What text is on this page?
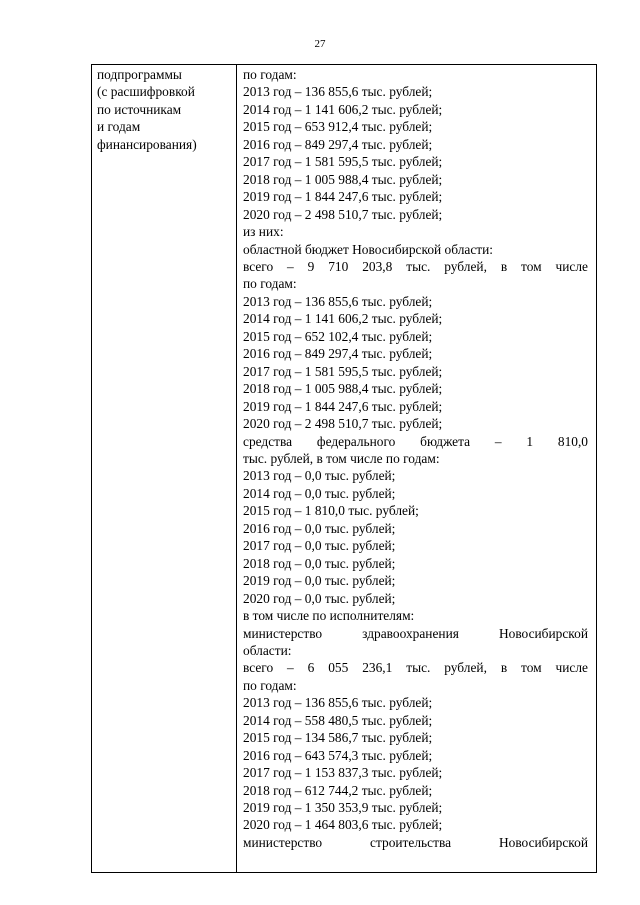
27
подпрограммы
(с расшифровкой
по источникам
и годам
финансирования)
по годам:
2013 год – 136 855,6 тыс. рублей;
2014 год – 1 141 606,2 тыс. рублей;
2015 год – 653 912,4 тыс. рублей;
2016 год – 849 297,4 тыс. рублей;
2017 год – 1 581 595,5 тыс. рублей;
2018 год – 1 005 988,4 тыс. рублей;
2019 год – 1 844 247,6 тыс. рублей;
2020 год – 2 498 510,7 тыс. рублей;
из них:
областной бюджет Новосибирской области:
всего – 9 710 203,8 тыс. рублей, в том числе
по годам:
2013 год – 136 855,6 тыс. рублей;
2014 год – 1 141 606,2 тыс. рублей;
2015 год – 652 102,4 тыс. рублей;
2016 год – 849 297,4 тыс. рублей;
2017 год – 1 581 595,5 тыс. рублей;
2018 год – 1 005 988,4 тыс. рублей;
2019 год – 1 844 247,6 тыс. рублей;
2020 год – 2 498 510,7 тыс. рублей;
средства федерального бюджета – 1 810,0
тыс. рублей, в том числе по годам:
2013 год – 0,0 тыс. рублей;
2014 год – 0,0 тыс. рублей;
2015 год – 1 810,0 тыс. рублей;
2016 год – 0,0 тыс. рублей;
2017 год – 0,0 тыс. рублей;
2018 год – 0,0 тыс. рублей;
2019 год – 0,0 тыс. рублей;
2020 год – 0,0 тыс. рублей;
в том числе по исполнителям:
министерство здравоохранения Новосибирской
области:
всего – 6 055 236,1 тыс. рублей, в том числе
по годам:
2013 год – 136 855,6 тыс. рублей;
2014 год – 558 480,5 тыс. рублей;
2015 год – 134 586,7 тыс. рублей;
2016 год – 643 574,3 тыс. рублей;
2017 год – 1 153 837,3 тыс. рублей;
2018 год – 612 744,2 тыс. рублей;
2019 год – 1 350 353,9 тыс. рублей;
2020 год – 1 464 803,6 тыс. рублей;
министерство строительства Новосибирской
